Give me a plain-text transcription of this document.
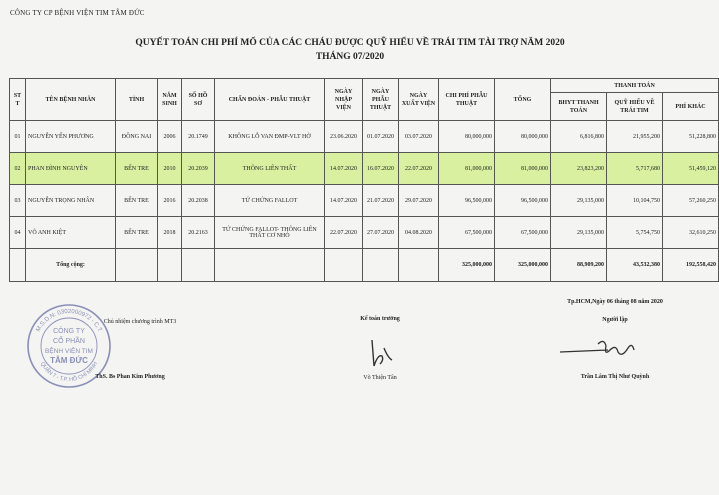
CÔNG TY CP BỆNH VIỆN TIM TÂM ĐỨC
QUYẾT TOÁN CHI PHÍ MỔ CỦA CÁC CHÁU ĐƯỢC QUỸ HIỂU VỀ TRÁI TIM TÀI TRỢ NĂM 2020
THÁNG 07/2020
ST T	TÊN BỆNH NHÂN	TỈNH	NĂM SINH	SỐ HỒ SƠ	CHẨN ĐOÁN - PHẪU THUẬT	NGÀY NHẬP VIỆN	NGÀY PHẪU THUẬT	NGÀY XUẤT VIỆN	CHI PHÍ PHẪU THUẬT	TỔNG	THANH TOÁN		
											BHYT THANH TOÁN	QUỸ HIỂU VỀ TRÁI TIM	PHÍ KHÁC
01	NGUYỄN YẾN PHƯƠNG	ĐỒNG NAI	2006	20.1749	KHÔNG LỖ VAN ĐMP-VLT HỞ	23.06.2020	01.07.2020	03.07.2020	80,000,000	80,000,000	6,816,800	21,955,200	51,228,800
02	PHAN ĐÌNH NGUYÊN	BẾN TRE	2010	20.2039	THÔNG LIÊN THẤT	14.07.2020	16.07.2020	22.07.2020	81,000,000	81,000,000	23,823,200	5,717,680	51,459,120
03	NGUYỄN TRỌNG NHÂN	BẾN TRE	2016	20.2038	TỨ CHỨNG FALLOT	14.07.2020	21.07.2020	29.07.2020	96,500,000	96,500,000	29,135,000	10,104,750	57,260,250
04	VÕ ANH KIỆT	BẾN TRE	2018	20.2163	TỨ CHỨNG FALLOT- THÔNG LIÊN THẤT CƠ NHỎ	22.07.2020	27.07.2020	04.08.2020	67,500,000	67,500,000	29,135,000	5,754,750	32,610,250
	Tổng cộng:								325,000,000	325,000,000	88,909,200	43,532,380	192,558,420
M.S.D.N: 0302000972 - C.T
QUẬN 7 - T.P. HỒ CHÍ MINH
CÔNG TY
CỔ PHẦN
BỆNH VIỆN TIM
TÂM ĐỨC
Chủ nhiệm chương trình MT3
ThS. Bs Phan Kim Phương
Kế toán trưởng
Võ Thiện Tân
Tp.HCM,Ngày 06 tháng 08 năm 2020
Người lập
Trần Lâm Thị Như Quỳnh
